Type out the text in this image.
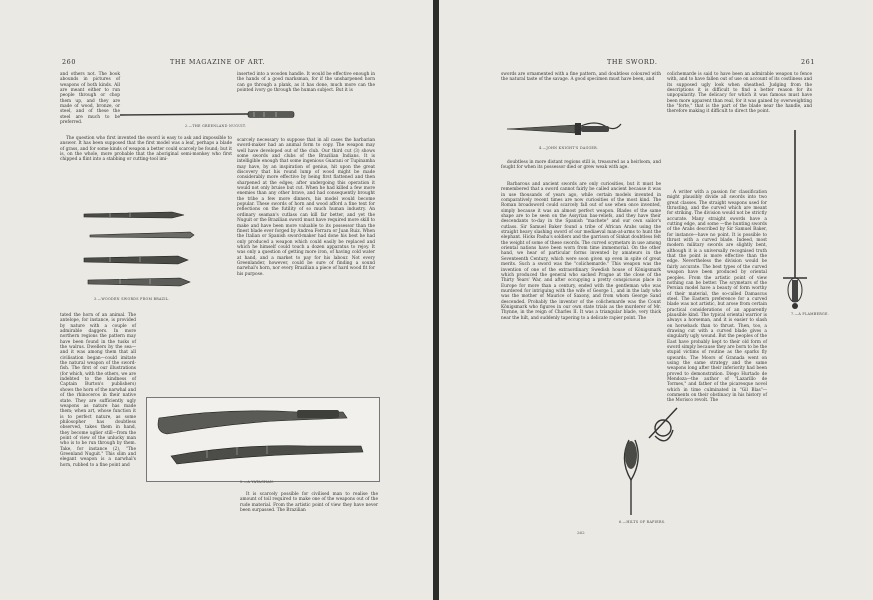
260	THE MAGAZINE OF ART.

and others not. The book abounds in pictures of weapons of both kinds. All are meant either to run people through or chop them up, and they are made of wood, bronze, or steel, and of these the steel are much to be preferred.

The question who first invented the sword is easy to ask and impossible to answer. It has been supposed that the first model was a leaf, perhaps a blade of grass, and for some kinds of weapon a better could scarcely be found; but it is, on the whole, more probable that the aboriginal semi-monkey who first chipped a flint into a stabbing or cutting-tool imi-

2.—THE GREENLAND NUGUIT.
3.—WOODEN SWORDS FROM BRAZIL.

tated the horn of an animal. The antelope, for instance, is provided by nature with a couple of admirable daggers. In more northern regions the pattern may have been found in the tusks of the walrus. Dwellers by the sea—and it was among them that all civilisation began—could imitate the natural weapon of the sword-fish. The first of our illustrations (for which, with the others, we are indebted to the kindness of Captain Burton's publishers) shows the horn of the narwhal and of the rhinoceros in their native state. They are sufficiently ugly weapons as nature has made them; when art, whose function it is to perfect nature, as some philosopher has doubtless observed, takes them in hand, they become uglier still—from the point of view of the unlucky man who is to be run through by them. Take, for instance (2), "The Greenland Nuguit." This slim and elegant weapon is a narwhal's horn, rubbed to a fine point and

inserted into a wooden handle. It would be effective enough in the hands of a good marksman, for if the unsharpened horn can go through a plank, as it has done, much more can the pointed ivory go through the human subject. But it is

scarcely necessary to suppose that in all cases the barbarian sword-maker had an animal form to copy. The weapon may well have developed out of the club. Our third cut (3) shows some swords and clubs of the Brazilian Indians. It is intelligible enough that some ingenious Guarani or Tupinamba may have, by an inspiration of genius, hit upon the great discovery that his round lump of wood might be made considerably more effective by being first flattened and then sharpened at the edges; after undergoing this operation it would not only bruise but cut. When he had killed a few more enemies than any other brave, and had consequently brought the tribe a few more dinners, his model would become popular. These swords of horn and wood afford a fine text for reflections on the futility of so much human industry. An ordinary seaman's cutlass can kill far better, and yet the Nuguit or the Brazilian sword must have required more skill to make and have been more valuable to its possessor than the finest blade ever forged by Andrea Ferrara or Juan Ruiz. When the Italian or Spanish sword-maker had done his best he had only produced a weapon which could easily be replaced and which he himself could touch a dozen apparatus to rejoy. It was only a question of getting more iron, of having cold water at hand, and a market to pay for his labour. Not every Greenlander, however, could be sure of finding a sound narwhal's horn, nor every Brazilian a piece of hard wood fit for his purpose.

5.—A YATAGHAN.

It is scarcely possible for civilised man to realise the amount of toil required to make one of the weapons out of the rude material. From the artistic point of view they have never been surpassed. The Brazilian

THE SWORD.	261

swords are ornamented with a fine pattern, and doubtless coloured with the natural taste of the savage. A good specimen must have been, and

4.—JOHN KNIGHT'S DAGGER.

doubtless in more distant regions still is, treasured as a heirloom, and fought for when its possessor died or grew weak with age.

Barbarous and ancient swords are only curiosities, but it must be remembered that a sword cannot fairly be called ancient because it was in use thousands of years ago, while certain models invented in comparatively recent times are now curiosities of the most kind. The Roman broadsword could scarcely fall out of use when once invented, simply because it was an almost perfect weapon. Blades of the same shape are to be seen on the Assyrian bas-reliefs, and they have their descendants to-day in the Spanish "machete" and our own sailor's cutlass. Sir Samuel Baker found a tribe of African Arabs using the straight heavy slashing sword of our mediaeval man-at-arms to hunt the elephant. Hicks Pasha's soldiers and the garrison of Sinkat doubtless felt the weight of some of these swords. The curved scymetars in use among oriental nations have been worn from time immemorial. On the other hand, we hear of particular forms invented by amateurs in the Seventeenth Century, which were soon given up even in spite of great merits. Such a sword was the "colichemarde." This weapon was the invention of one of the extraordinary Swedish house of Königsmark which produced the general who sacked Prague at the close of the Thirty Years' War, and after occupying a pretty conspicuous place in Europe for more than a century, ended with the gentleman who was murdered for intriguing with the wife of George I., and in the lady who was the mother of Maurice of Saxony, and from whom George Sand descended. Probably the inventor of the colichemarde was the Count Königsmark who figures in our own state trials as the murderer of Mr. Thynne, in the reign of Charles II. It was a triangular blade, very thick near the hilt, and suddenly tapering to a delicate rapier point. The

6.—HILTS OF RAPIERS.

colichemarde is said to have been an admirable weapon to fence with, and to have fallen out of use on account of its costliness and its supposed ugly look when sheathed. Judging from the descriptions it is difficult to find a better reason for its unpopularity. The delicacy for which it was famous must have been more apparent than real, for it was gained by overweighting the "forte," that is the part of the blade near the handle, and therefore making it difficult to direct the point.

A writer with a passion for classification might plausibly divide all swords into two great classes. The straight weapons used for thrusting, and the curved which are meant for striking. The division would not be strictly accurate. Many straight swords have a cutting edge, and some —the hunting swords of the Arabs described by Sir Samuel Baker, for instance—have no point. It is possible to thrust with a curved blade. Indeed, most modern military swords are slightly bent, although it is a universally recognised truth that the point is more effective than the edge. Nevertheless the division would be fairly accurate. The best types of the curved weapon have been produced by oriental peoples. From the artistic point of view nothing can be better. The scymetars of the Persian model have a beauty of form worthy of their material, the so-called Damascus steel. The Eastern preference for a curved blade was not artistic, but arose from certain practical considerations of an apparently plausible kind. The typical oriental warrior is always a horseman, and it is easier to slash on horseback than to thrust. Then, too, a drawing cut with a curved blade gives a singularly ugly wound. But the peoples of the East have probably kept to their old form of sword simply because they are born to be the stupid victims of routine as the sparks fly upwards. The Moors of Granada went on using the same strategy and the same weapons long after their inferiority had been proved to demonstration. Diego Hurtado de Mendoza—the author of "Lazarillo de Tormes," and father of the picaresque novel which in time culminated in "Gil Blas"—comments on their obstinacy in his history of the Morisco revolt. The

7.—A FLAMBERGE.
262
